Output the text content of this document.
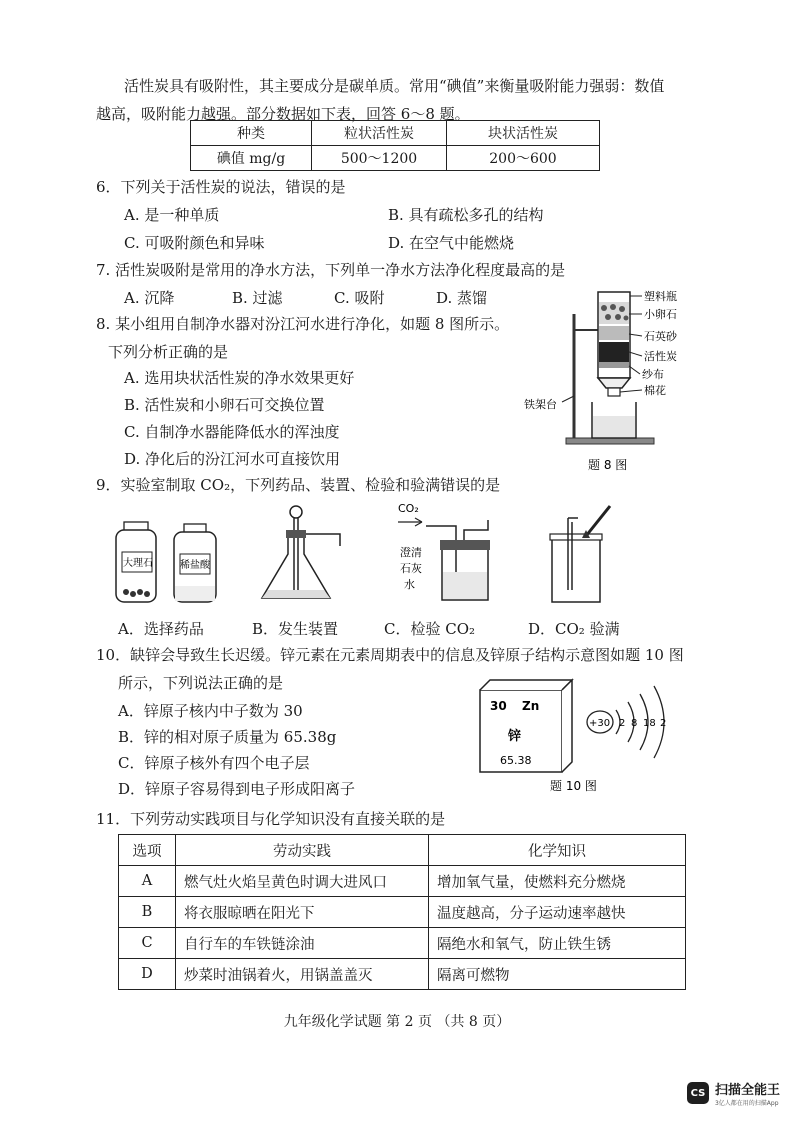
活性炭具有吸附性，其主要成分是碳单质。常用“碘值”来衡量吸附能力强弱：数值

越高，吸附能力越强。部分数据如下表，回答 6～8 题。

种类	粒状活性炭	块状活性炭
碘值 mg/g	500～1200	200～600
6．下列关于活性炭的说法，错误的是
A. 是一种单质	B. 具有疏松多孔的结构
C. 可吸附颜色和异味	D. 在空气中能燃烧
7. 活性炭吸附是常用的净水方法，下列单一净水方法净化程度最高的是
A. 沉降	B. 过滤	C. 吸附	D. 蒸馏
8. 某小组用自制净水器对汾江河水进行净化，如题 8 图所示。
下列分析正确的是
A. 选用块状活性炭的净水效果更好
B. 活性炭和小卵石可交换位置
C. 自制净水器能降低水的浑浊度
D. 净化后的汾江河水可直接饮用
塑料瓶
小卵石
石英砂
活性炭
纱布
棉花
铁架台
题 8 图
9．实验室制取 CO₂，下列药品、装置、检验和验满错误的是
大理石	稀盐酸
CO₂
澄清
石灰
水
A．选择药品	B．发生装置	C．检验 CO₂	D．CO₂ 验满
10．缺锌会导致生长迟缓。锌元素在元素周期表中的信息及锌原子结构示意图如题 10 图
所示，下列说法正确的是
A．锌原子核内中子数为 30
B．锌的相对原子质量为 65.38g
C．锌原子核外有四个电子层
D．锌原子容易得到电子形成阳离子
30 Zn
锌
65.38
+30 2 8 18 2
题 10 图
11．下列劳动实践项目与化学知识没有直接关联的是
选项	劳动实践	化学知识
A	燃气灶火焰呈黄色时调大进风口	增加氧气量，使燃料充分燃烧
B	将衣服晾晒在阳光下	温度越高，分子运动速率越快
C	自行车的车铁链涂油	隔绝水和氧气，防止铁生锈
D	炒菜时油锅着火，用锅盖盖灭	隔离可燃物
九年级化学试题 第 2 页 （共 8 页）
CS 扫描全能王
3亿人都在用的扫描App
